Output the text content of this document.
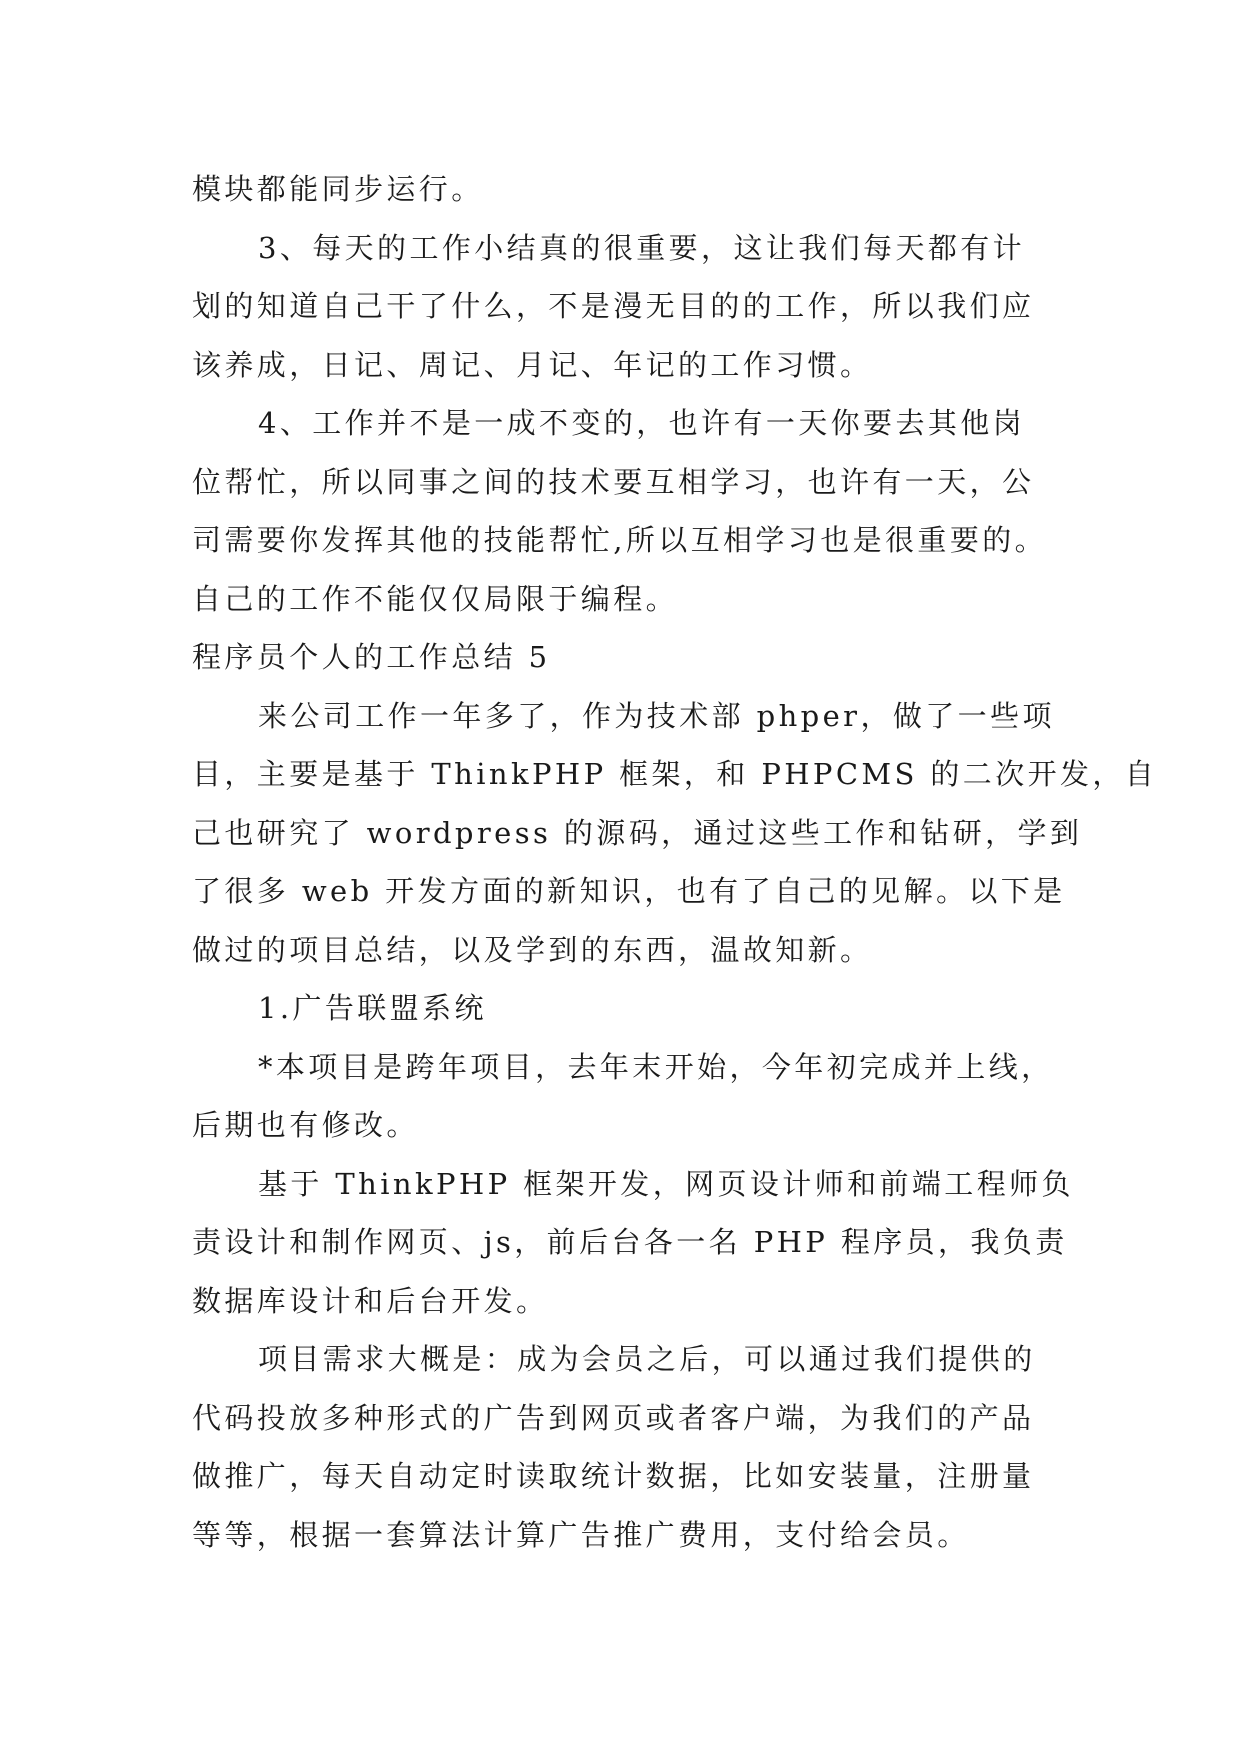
模块都能同步运行。
3、每天的工作小结真的很重要，这让我们每天都有计
划的知道自己干了什么，不是漫无目的的工作，所以我们应
该养成，日记、周记、月记、年记的工作习惯。
4、工作并不是一成不变的，也许有一天你要去其他岗
位帮忙，所以同事之间的技术要互相学习，也许有一天，公
司需要你发挥其他的技能帮忙,所以互相学习也是很重要的。
自己的工作不能仅仅局限于编程。
程序员个人的工作总结 5
来公司工作一年多了，作为技术部 phper，做了一些项
目，主要是基于 ThinkPHP 框架，和 PHPCMS 的二次开发，自
己也研究了 wordpress 的源码，通过这些工作和钻研，学到
了很多 web 开发方面的新知识，也有了自己的见解。以下是
做过的项目总结，以及学到的东西，温故知新。
1.广告联盟系统
*本项目是跨年项目，去年末开始，今年初完成并上线，
后期也有修改。
基于 ThinkPHP 框架开发，网页设计师和前端工程师负
责设计和制作网页、js，前后台各一名 PHP 程序员，我负责
数据库设计和后台开发。
项目需求大概是：成为会员之后，可以通过我们提供的
代码投放多种形式的广告到网页或者客户端，为我们的产品
做推广，每天自动定时读取统计数据，比如安装量，注册量
等等，根据一套算法计算广告推广费用，支付给会员。
